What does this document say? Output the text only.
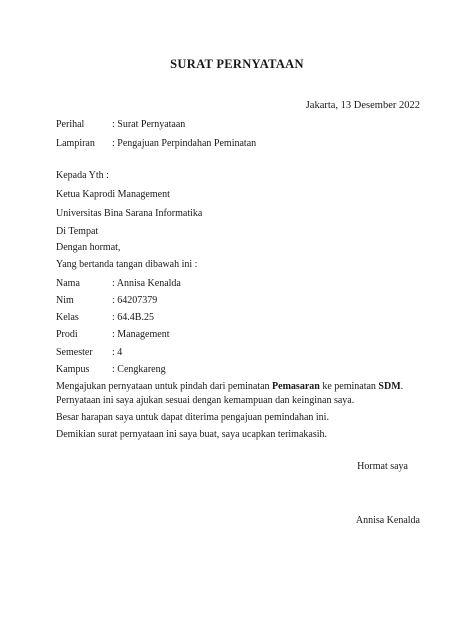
SURAT PERNYATAAN
Jakarta, 13 Desember 2022
Perihal	: Surat Pernyataan
Lampiran : Pengajuan Perpindahan Peminatan
Kepada Yth :
Ketua Kaprodi Management
Universitas Bina Sarana Informatika
Di Tempat
Dengan hormat,
Yang bertanda tangan dibawah ini :
Nama	: Annisa Kenalda
Nim	: 64207379
Kelas	: 64.4B.25
Prodi	: Management
Semester : 4
Kampus : Cengkareng
Mengajukan pernyataan untuk pindah dari peminatan Pemasaran ke peminatan SDM.
Pernyataan ini saya ajukan sesuai dengan kemampuan dan keinginan saya.
Besar harapan saya untuk dapat diterima pengajuan pemindahan ini.
Demikian surat pernyataan ini saya buat, saya ucapkan terimakasih.
Hormat saya
Annisa Kenalda
